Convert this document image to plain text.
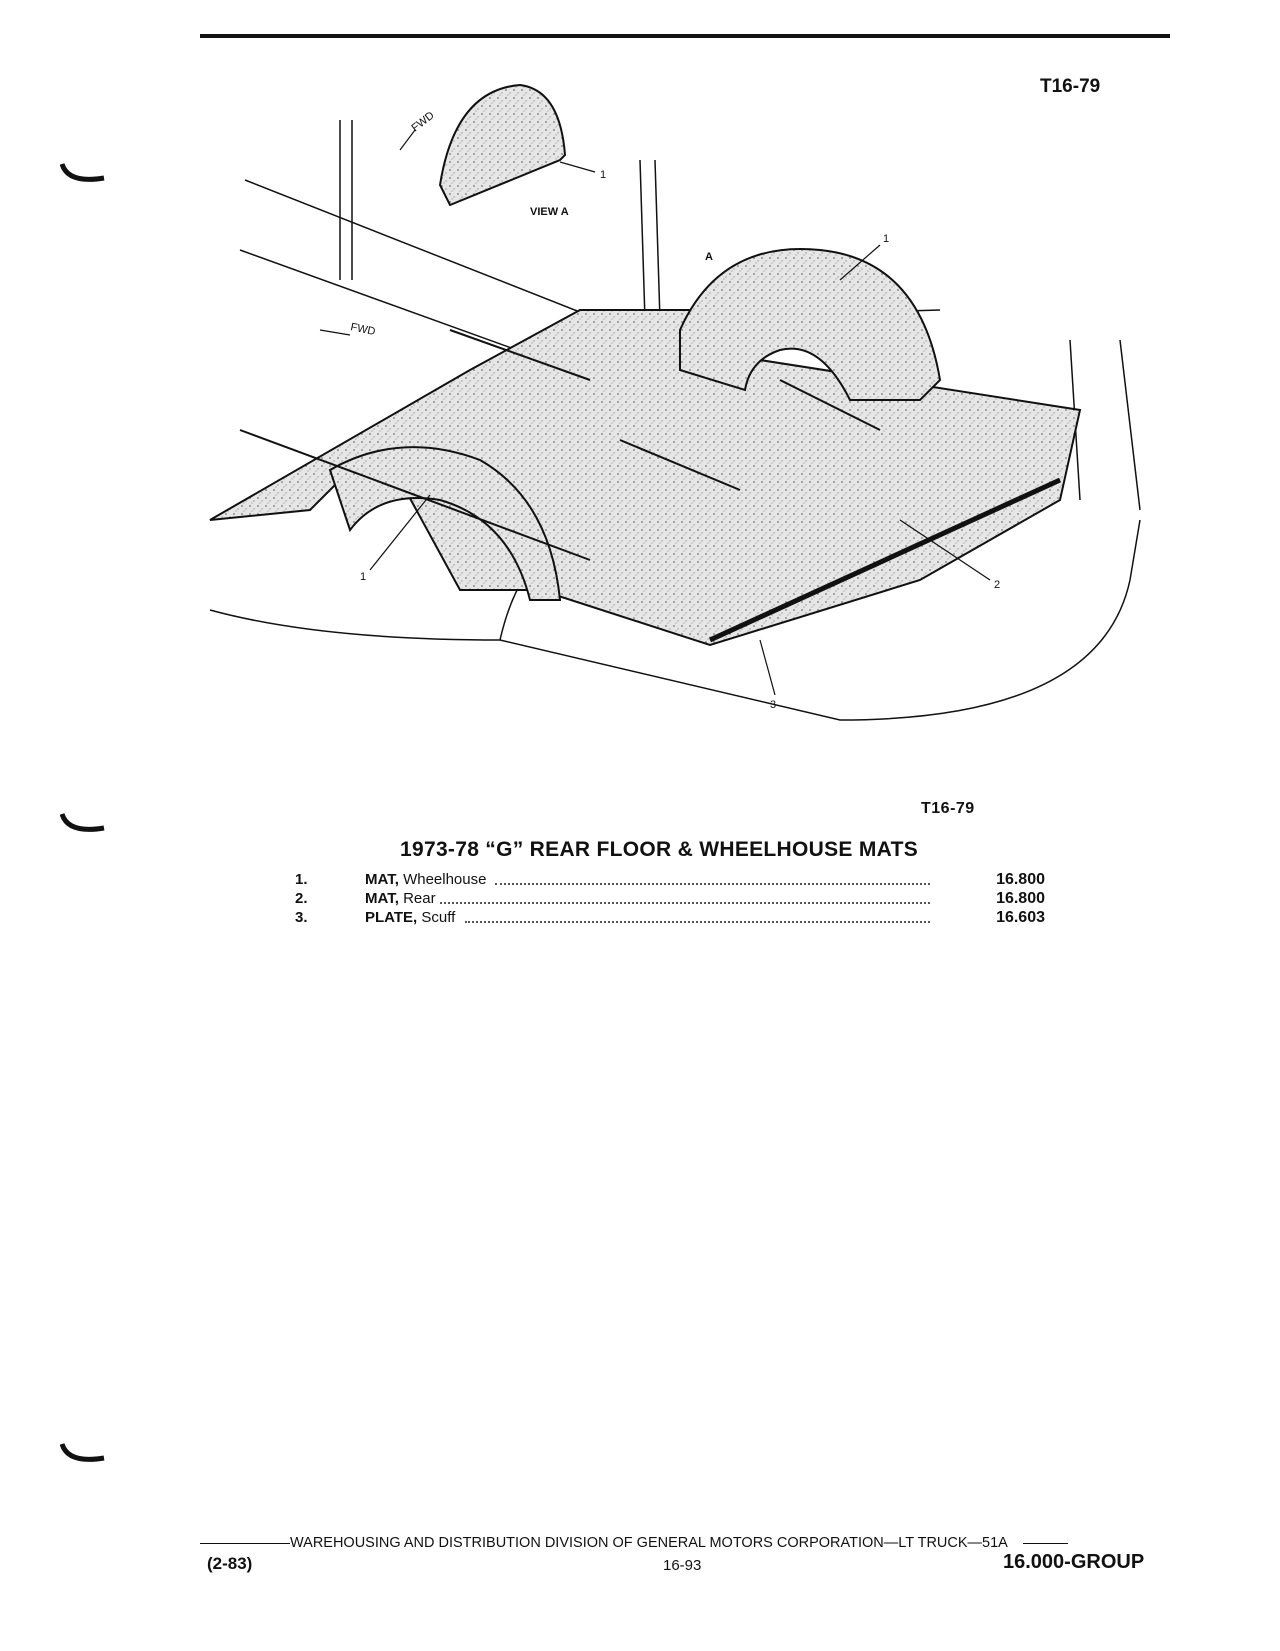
T16-79
FWD
FWD
VIEW A
A
1
1
1
2
3
T16-79
1973-78 “G” REAR FLOOR & WHEELHOUSE MATS
1.	MAT, Wheelhouse	16.800
2.	MAT, Rear	16.800
3.	PLATE, Scuff	16.603
WAREHOUSING AND DISTRIBUTION DIVISION OF GENERAL MOTORS CORPORATION—LT TRUCK—51A
(2-83)	16-93	16.000-GROUP
